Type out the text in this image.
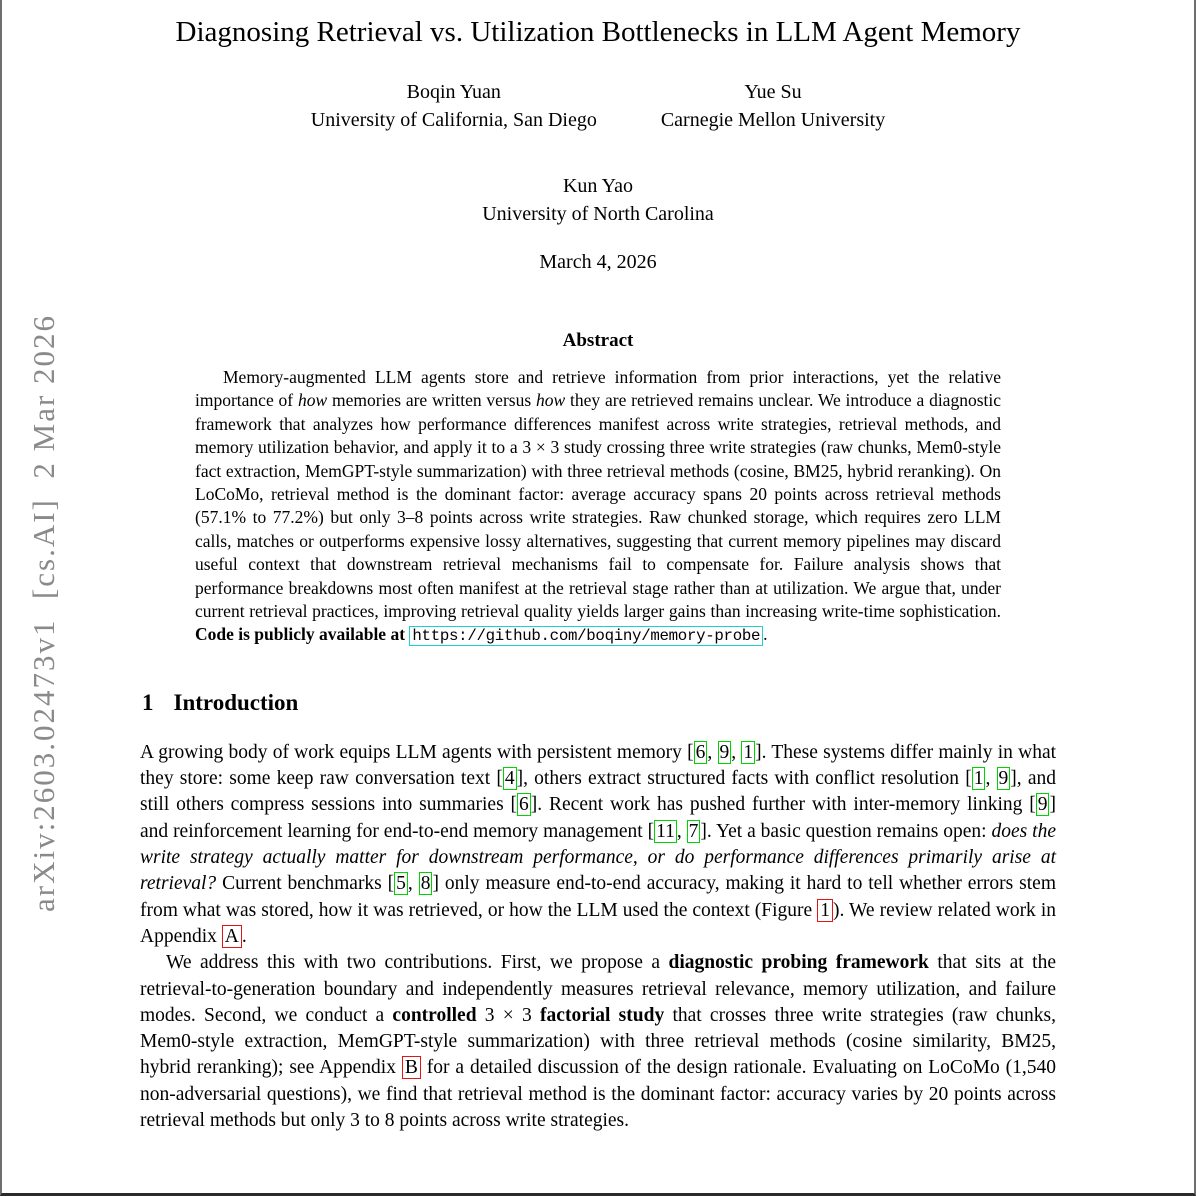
arXiv:2603.02473v1  [cs.AI]  2 Mar 2026
Diagnosing Retrieval vs. Utilization Bottlenecks in LLM Agent Memory
Boqin Yuan
University of California, San Diego
Yue Su
Carnegie Mellon University
Kun Yao
University of North Carolina
March 4, 2026
Abstract

Memory-augmented LLM agents store and retrieve information from prior interactions, yet the relative importance of how memories are written versus how they are retrieved remains unclear. We introduce a diagnostic framework that analyzes how performance differences manifest across write strategies, retrieval methods, and memory utilization behavior, and apply it to a 3 × 3 study crossing three write strategies (raw chunks, Mem0-style fact extraction, MemGPT-style summarization) with three retrieval methods (cosine, BM25, hybrid reranking). On LoCoMo, retrieval method is the dominant factor: average accuracy spans 20 points across retrieval methods (57.1% to 77.2%) but only 3–8 points across write strategies. Raw chunked storage, which requires zero LLM calls, matches or outperforms expensive lossy alternatives, suggesting that current memory pipelines may discard useful context that downstream retrieval mechanisms fail to compensate for. Failure analysis shows that performance breakdowns most often manifest at the retrieval stage rather than at utilization. We argue that, under current retrieval practices, improving retrieval quality yields larger gains than increasing write-time sophistication. Code is publicly available at https://github.com/boqiny/memory-probe .

1 Introduction

A growing body of work equips LLM agents with persistent memory [ 6 , 9 , 1 ]. These systems differ mainly in what they store: some keep raw conversation text [ 4 ], others extract structured facts with conflict resolution [ 1 , 9 ], and still others compress sessions into summaries [ 6 ]. Recent work has pushed further with inter-memory linking [ 9 ] and reinforcement learning for end-to-end memory management [ 11 , 7 ]. Yet a basic question remains open: does the write strategy actually matter for downstream performance, or do performance differences primarily arise at retrieval? Current benchmarks [ 5 , 8 ] only measure end-to-end accuracy, making it hard to tell whether errors stem from what was stored, how it was retrieved, or how the LLM used the context (Figure 1 ). We review related work in Appendix A .

We address this with two contributions. First, we propose a diagnostic probing framework that sits at the retrieval-to-generation boundary and independently measures retrieval relevance, memory utilization, and failure modes. Second, we conduct a controlled 3 × 3 factorial study that crosses three write strategies (raw chunks, Mem0-style extraction, MemGPT-style summarization) with three retrieval methods (cosine similarity, BM25, hybrid reranking); see Appendix B for a detailed discussion of the design rationale. Evaluating on LoCoMo (1,540 non-adversarial questions), we find that retrieval method is the dominant factor: accuracy varies by 20 points across retrieval methods but only 3 to 8 points across write strategies.
